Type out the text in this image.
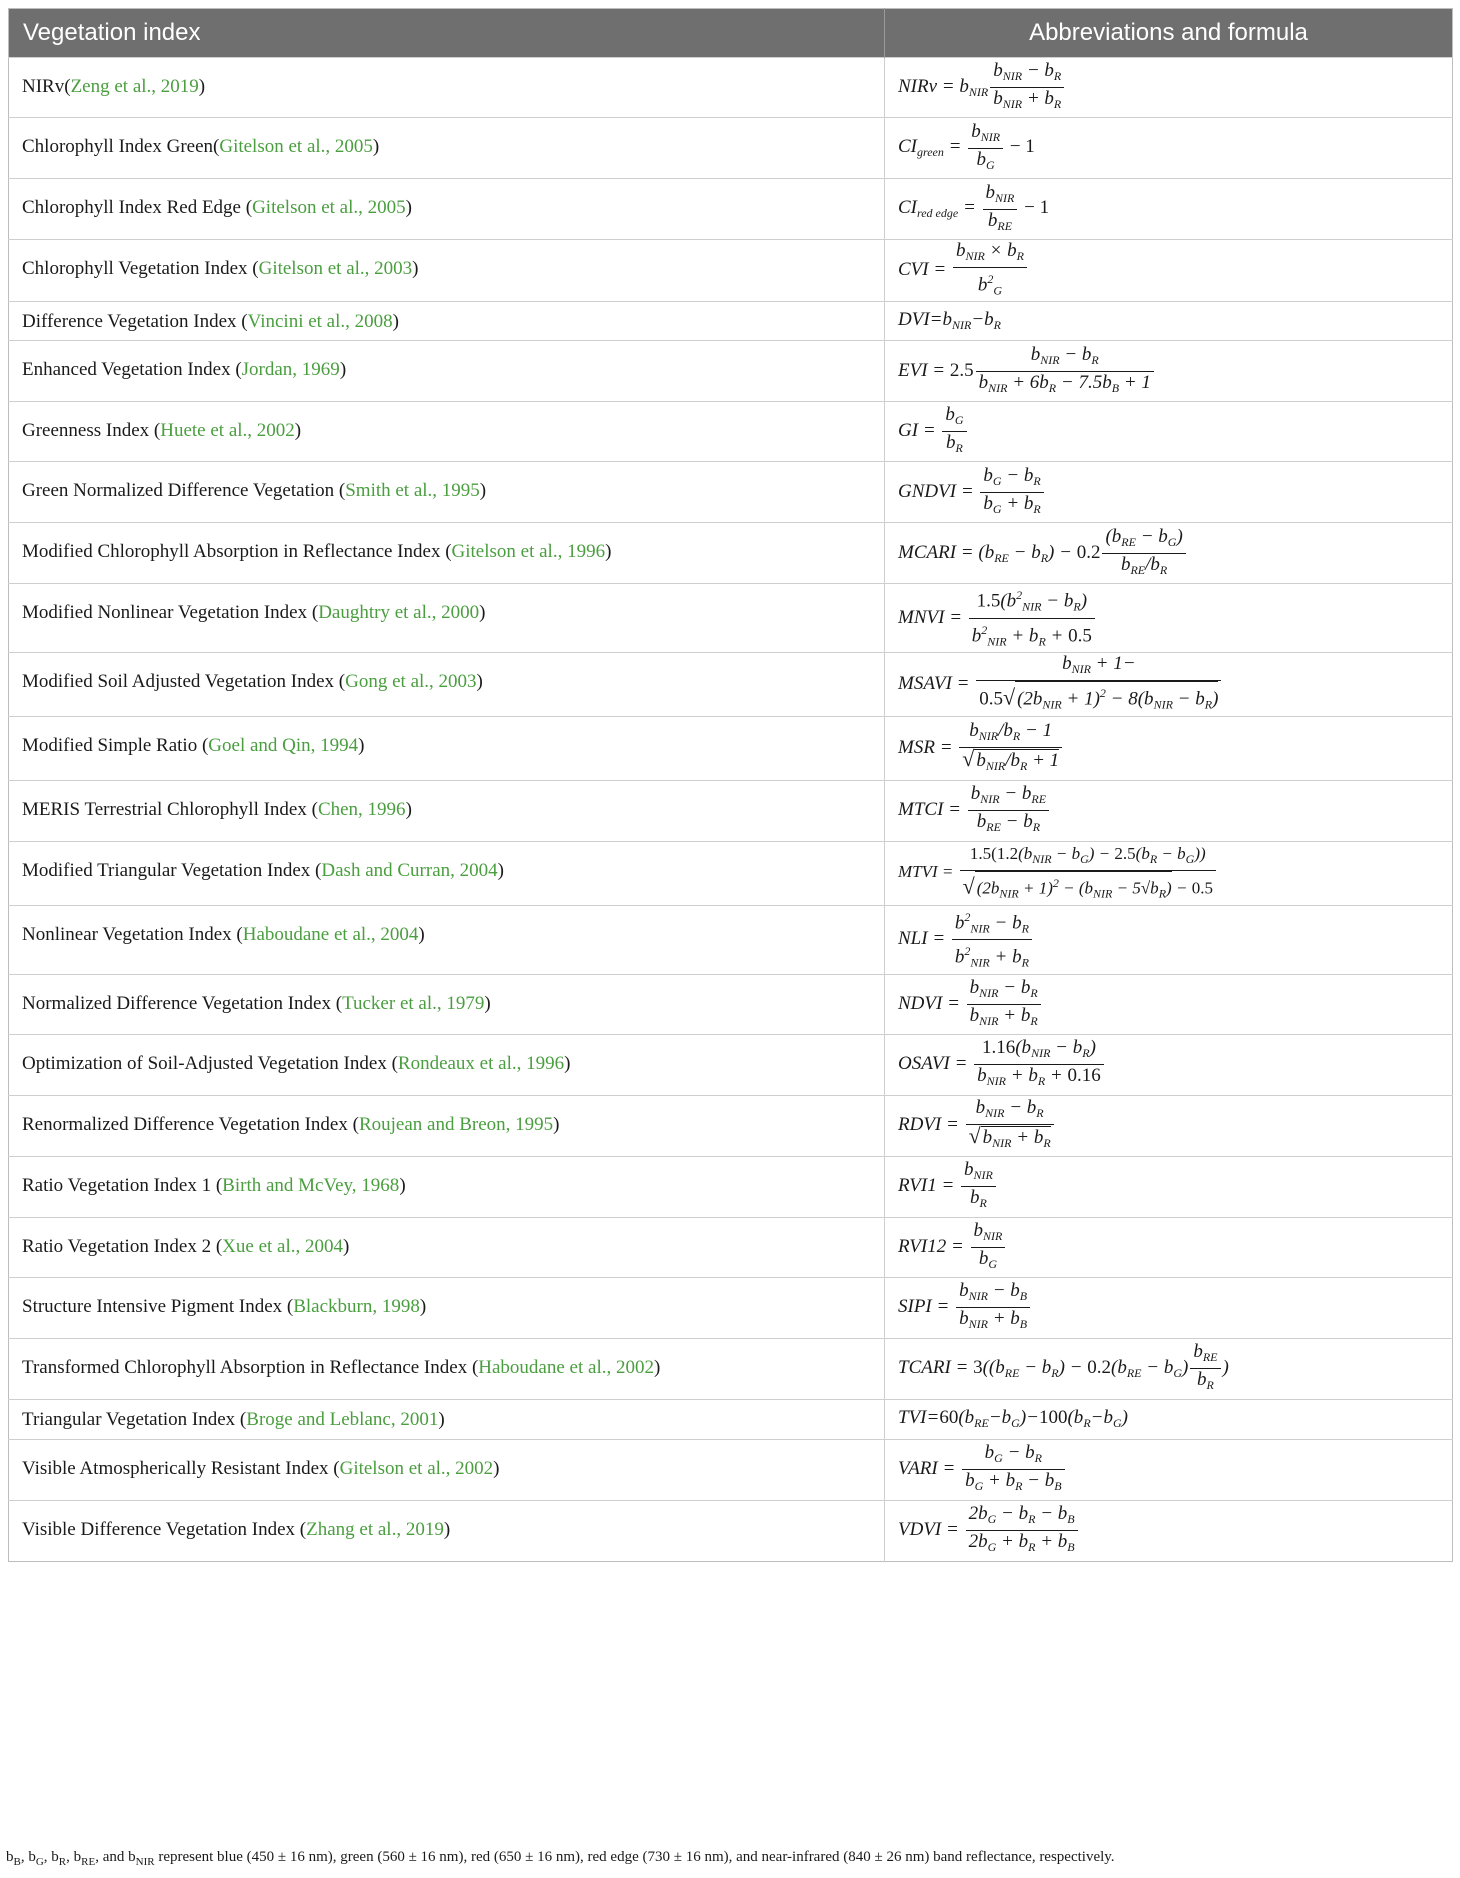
Vegetation index	Abbreviations and formula
NIRv(Zeng et al., 2019)	NIRv = $b_{NIR} \frac{b_{NIR} - b_R}{b_{NIR} + b_R}$

Chlorophyll Index Green(Gitelson et al., 2005)	$CI_{green} = \frac{b_{NIR}}{b_G} - 1$
Chlorophyll Index Red Edge (Gitelson et al., 2005)	$CI_{red edge} = \frac{b_{NIR}}{b_{RE}} - 1$
Chlorophyll Vegetation Index (Gitelson et al., 2003)	CVI = $\frac{b_{NIR} \times b_R}{b^2_G}$

Difference Vegetation Index (Vincini et al., 2008)	$DVI=b_{NIR}-b_R$
Enhanced Vegetation Index (Jordan, 1969)	EVI = $2.5 \frac{b_{NIR} - b_R}{b_{NIR} + 6b_R - 7.5b_B + 1}$

Greenness Index (Huete et al., 2002)	GI = $\frac{b_G}{b_R}$

Green Normalized Difference Vegetation (Smith et al., 1995)	GNDVI = $\frac{b_G - b_R}{b_G + b_R}$

Modified Chlorophyll Absorption in Reflectance Index (Gitelson et al., 1996)	MCARI = $(b_{RE} - b_R) - 0.2 \frac{(b_{RE} - b_G)}{b_{RE}/b_R}$

Modified Nonlinear Vegetation Index (Daughtry et al., 2000)	MNVI = $\frac{1.5(b^2_{NIR} - b_R)}{b^2_{NIR} + b_R + 0.5}$

Modified Soil Adjusted Vegetation Index (Gong et al., 2003)	MSAVI = $\frac{b_{NIR} + 1-}{0.5√ (2b_{NIR} + 1)^2 - 8(b_{NIR} - b_R)}$

Modified Simple Ratio (Goel and Qin, 1994)	MSR = $\frac{b_{NIR}/b_R - 1}{√ b_{NIR}/b_R + 1}$

MERIS Terrestrial Chlorophyll Index (Chen, 1996)	MTCI = $\frac{b_{NIR} - b_{RE}}{b_{RE} - b_R}$

Modified Triangular Vegetation Index (Dash and Curran, 2004)	MTVI = $\frac{1.5(1.2(b_{NIR} - b_G) - 2.5(b_R - b_G))}{√ (2b_{NIR} + 1)^2 - (b_{NIR} - 5√b_R) - 0.5}$

Nonlinear Vegetation Index (Haboudane et al., 2004)	NLI = $\frac{b^2_{NIR} - b_R}{b^2_{NIR} + b_R}$

Normalized Difference Vegetation Index (Tucker et al., 1979)	NDVI = $\frac{b_{NIR} - b_R}{b_{NIR} + b_R}$

Optimization of Soil-Adjusted Vegetation Index (Rondeaux et al., 1996)	OSAVI = $\frac{1.16(b_{NIR} - b_R)}{b_{NIR} + b_R + 0.16}$

Renormalized Difference Vegetation Index (Roujean and Breon, 1995)	RDVI = $\frac{b_{NIR} - b_R}{√ b_{NIR} + b_R}$

Ratio Vegetation Index 1 (Birth and McVey, 1968)	$RVI1 = \frac{b_{NIR}}{b_R}$

Ratio Vegetation Index 2 (Xue et al., 2004)	$RVI12 = \frac{b_{NIR}}{b_G}$

Structure Intensive Pigment Index (Blackburn, 1998)	SIPI = $\frac{b_{NIR} - b_B}{b_{NIR} + b_B}$

Transformed Chlorophyll Absorption in Reflectance Index (Haboudane et al., 2002)	TCARI = $3((b_{RE} - b_R) - 0.2(b_{RE} - b_G) \frac{b_{RE}}{b_R}$ )
Triangular Vegetation Index (Broge and Leblanc, 2001)	$TVI=60(b_{RE}-b_G)-100(b_R-b_G)$
Visible Atmospherically Resistant Index (Gitelson et al., 2002)	VARI = $\frac{b_G - b_R}{b_G + b_R - b_B}$

Visible Difference Vegetation Index (Zhang et al., 2019)	VDVI = $\frac{2b_G - b_R - b_B}{2b_G + b_R + b_B}$
$b_B$, $b_G$, $b_R$, $b_{RE}$, and $b_{NIR}$ represent blue (450 ± 16 nm), green (560 ± 16 nm), red (650 ± 16 nm), red edge (730 ± 16 nm), and near-infrared (840 ± 26 nm) band reflectance, respectively.
